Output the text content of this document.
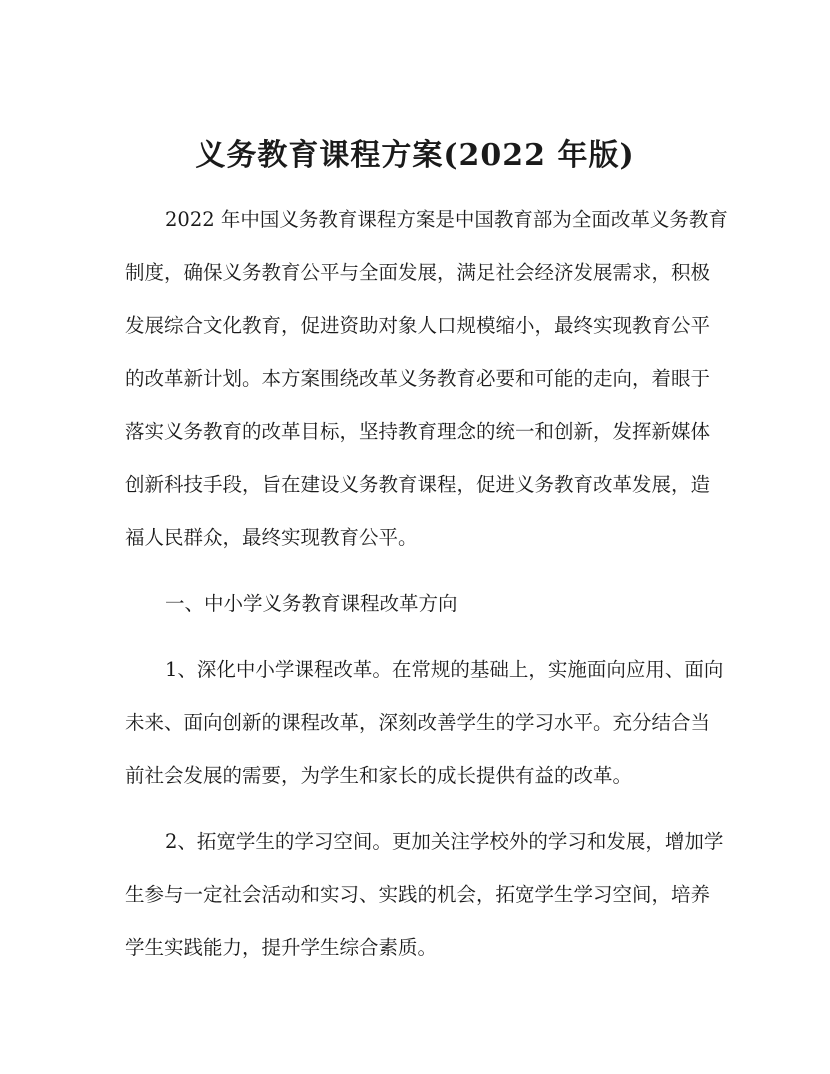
义务教育课程方案(2022 年版)
2022 年中国义务教育课程方案是中国教育部为全面改革义务教育
制度，确保义务教育公平与全面发展，满足社会经济发展需求，积极
发展综合文化教育，促进资助对象人口规模缩小，最终实现教育公平
的改革新计划。本方案围绕改革义务教育必要和可能的走向，着眼于
落实义务教育的改革目标，坚持教育理念的统一和创新，发挥新媒体
创新科技手段，旨在建设义务教育课程，促进义务教育改革发展，造
福人民群众，最终实现教育公平。
一、中小学义务教育课程改革方向
1、深化中小学课程改革。在常规的基础上，实施面向应用、面向
未来、面向创新的课程改革，深刻改善学生的学习水平。充分结合当
前社会发展的需要，为学生和家长的成长提供有益的改革。
2、拓宽学生的学习空间。更加关注学校外的学习和发展，增加学
生参与一定社会活动和实习、实践的机会，拓宽学生学习空间，培养
学生实践能力，提升学生综合素质。
